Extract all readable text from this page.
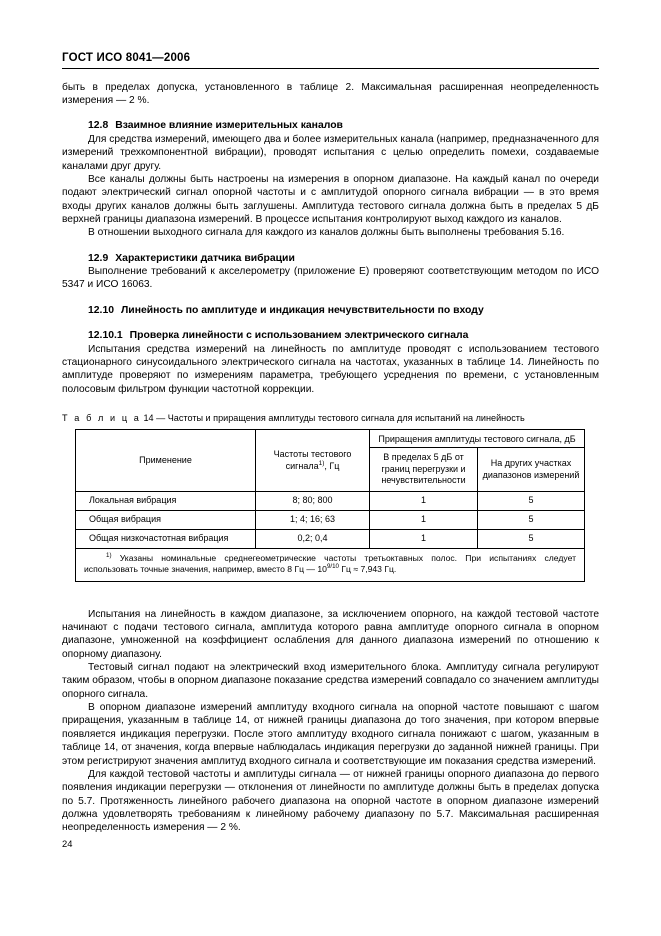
ГОСТ ИСО 8041—2006

быть в пределах допуска, установленного в таблице 2. Максимальная расширенная неопределенность измерения — 2 %.

12.8 Взаимное влияние измерительных каналов

Для средства измерений, имеющего два и более измерительных канала (например, предназначенного для измерений трехкомпонентной вибрации), проводят испытания с целью определить помехи, создаваемые каналами друг другу.

Все каналы должны быть настроены на измерения в опорном диапазоне. На каждый канал по очереди подают электрический сигнал опорной частоты и с амплитудой опорного сигнала вибрации — в это время входы других каналов должны быть заглушены. Амплитуда тестового сигнала должна быть в пределах 5 дБ верхней границы диапазона измерений. В процессе испытания контролируют выход каждого из каналов.

В отношении выходного сигнала для каждого из каналов должны быть выполнены требования 5.16.

12.9 Характеристики датчика вибрации

Выполнение требований к акселерометру (приложение Е) проверяют соответствующим методом по ИСО 5347 и ИСО 16063.

12.10 Линейность по амплитуде и индикация нечувствительности по входу
12.10.1 Проверка линейности с использованием электрического сигнала

Испытания средства измерений на линейность по амплитуде проводят с использованием тестового стационарного синусоидального электрического сигнала на частотах, указанных в таблице 14. Линейность по амплитуде проверяют по измерениям параметра, требующего усреднения по времени, с установленным полосовым фильтром функции частотной коррекции.

Т а б л и ц а 14 — Частоты и приращения амплитуды тестового сигнала для испытаний на линейность
Применение	Частоты тестового сигнала$^{1)}$, Гц	Приращения амплитуды тестового сигнала, дБ	
		В пределах 5 дБ от границ перегрузки и нечувствительности	На других участках диапазонов измерений
Локальная вибрация	8; 80; 800	1	5
Общая вибрация	1; 4; 16; 63	1	5
Общая низкочастотная вибрация	0,2; 0,4	1	5
$^{1)}$ Указаны номинальные среднегеометрические частоты третьоктавных полос. При испытаниях следует использовать точные значения, например, вместо 8 Гц — $10^{9/10}$ Гц ≈ 7,943 Гц.			

Испытания на линейность в каждом диапазоне, за исключением опорного, на каждой тестовой частоте начинают с подачи тестового сигнала, амплитуда которого равна амплитуде опорного сигнала в опорном диапазоне, умноженной на коэффициент ослабления для данного диапазона измерений по отношению к опорному диапазону.

Тестовый сигнал подают на электрический вход измерительного блока. Амплитуду сигнала регулируют таким образом, чтобы в опорном диапазоне показание средства измерений совпадало со значением амплитуды опорного сигнала.

В опорном диапазоне измерений амплитуду входного сигнала на опорной частоте повышают с шагом приращения, указанным в таблице 14, от нижней границы диапазона до того значения, при котором впервые появляется индикация перегрузки. После этого амплитуду входного сигнала понижают с шагом, указанным в таблице 14, от значения, когда впервые наблюдалась индикация перегрузки до заданной нижней границы. При этом регистрируют значения амплитуд входного сигнала и соответствующие им показания средства измерений.

Для каждой тестовой частоты и амплитуды сигнала — от нижней границы опорного диапазона до первого появления индикации перегрузки — отклонения от линейности по амплитуде должны быть в пределах допуска по 5.7. Протяженность линейного рабочего диапазона на опорной частоте в опорном диапазоне измерений должна удовлетворять требованиям к линейному рабочему диапазону по 5.7. Максимальная расширенная неопределенность измерения — 2 %.

24
